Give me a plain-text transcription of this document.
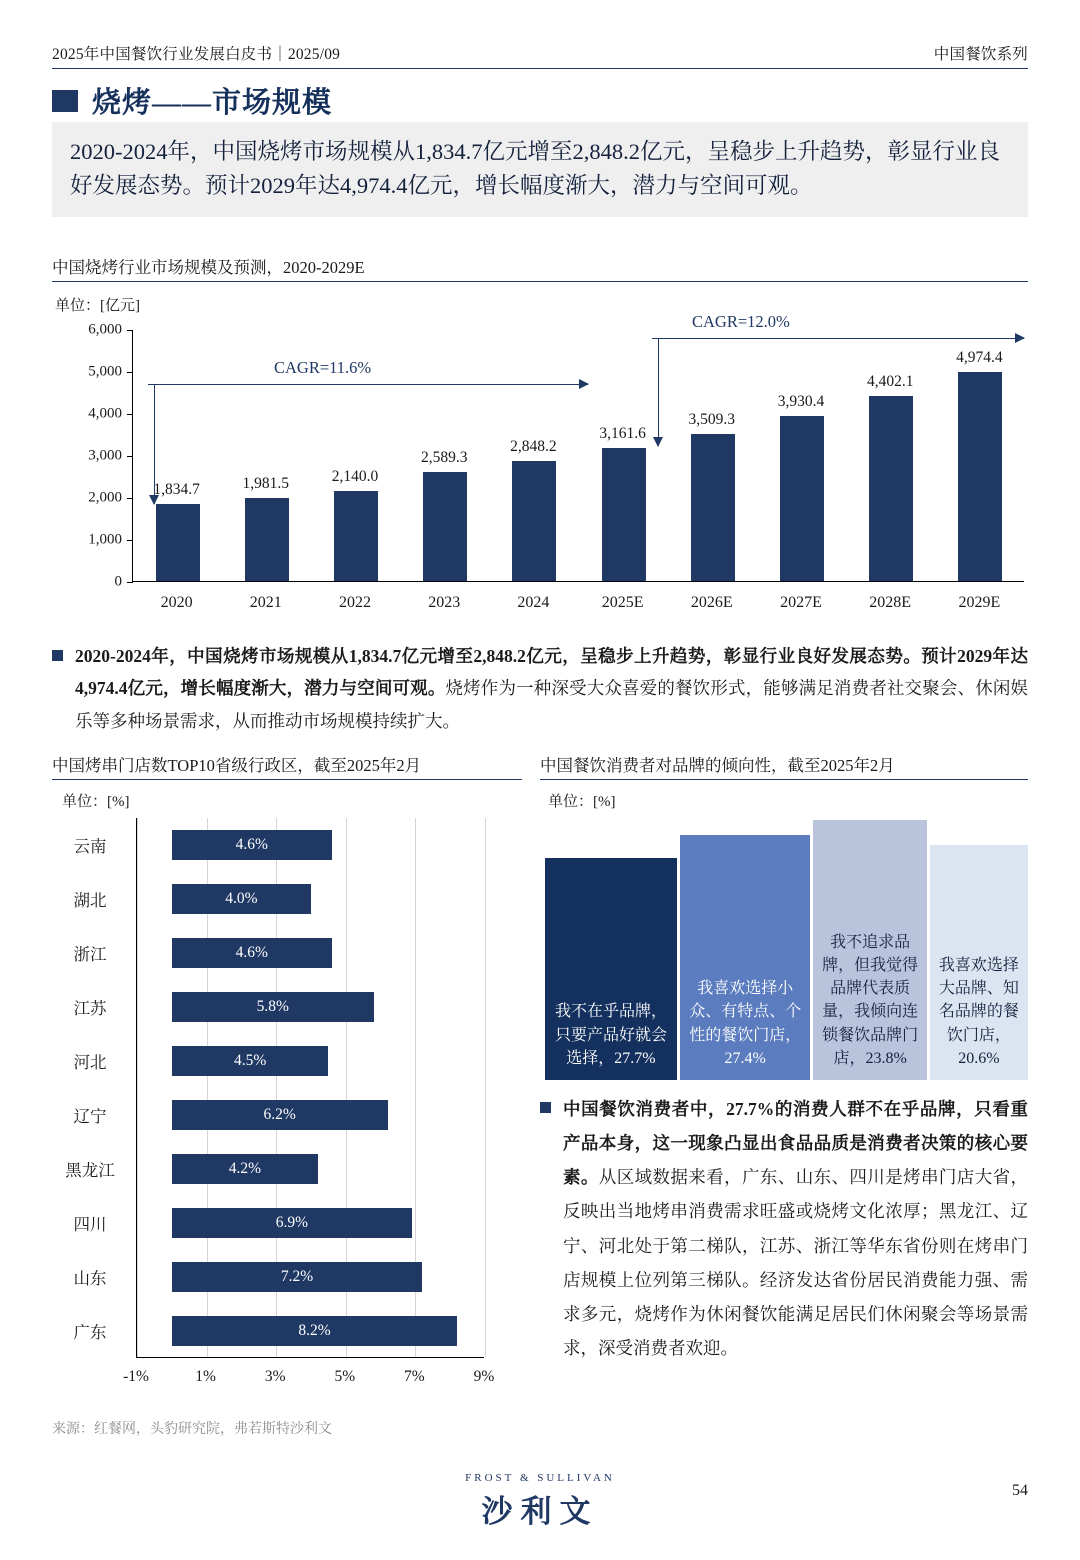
2025年中国餐饮行业发展白皮书｜2025/09	中国餐饮系列
烧烤——市场规模
2020-2024年，中国烧烤市场规模从1,834.7亿元增至2,848.2亿元，呈稳步上升趋势，彰显行业良好发展态势。预计2029年达4,974.4亿元，增长幅度渐大，潜力与空间可观。
中国烧烤行业市场规模及预测，2020-2029E
单位：[亿元]
0
1,000
2,000
3,000
4,000
5,000
6,000
1,834.7
2020
1,981.5
2021
2,140.0
2022
2,589.3
2023
2,848.2
2024
3,161.6
2025E
3,509.3
2026E
3,930.4
2027E
4,402.1
2028E
4,974.4
2029E
CAGR=11.6%
CAGR=12.0%
2020-2024年，中国烧烤市场规模从1,834.7亿元增至2,848.2亿元，呈稳步上升趋势，彰显行业良好发展态势。预计2029年达4,974.4亿元，增长幅度渐大，潜力与空间可观。烧烤作为一种深受大众喜爱的餐饮形式，能够满足消费者社交聚会、休闲娱乐等多种场景需求，从而推动市场规模持续扩大。
中国烤串门店数TOP10省级行政区，截至2025年2月
单位：[%]
4.6%
云南
4.0%
湖北
4.6%
浙江
5.8%
江苏
4.5%
河北
6.2%
辽宁
4.2%
黑龙江
6.9%
四川
7.2%
山东
8.2%
广东
-1%	1%	3%	5%	7%	9%
中国餐饮消费者对品牌的倾向性，截至2025年2月
单位：[%]
我不在乎品牌，只要产品好就会选择，27.7%
我喜欢选择小众、有特点、个性的餐饮门店，27.4%
我不追求品牌，但我觉得品牌代表质量，我倾向连锁餐饮品牌门店，23.8%
我喜欢选择大品牌、知名品牌的餐饮门店，20.6%
中国餐饮消费者中，27.7%的消费人群不在乎品牌，只看重产品本身，这一现象凸显出食品品质是消费者决策的核心要素。从区域数据来看，广东、山东、四川是烤串门店大省，反映出当地烤串消费需求旺盛或烧烤文化浓厚；黑龙江、辽宁、河北处于第二梯队，江苏、浙江等华东省份则在烤串门店规模上位列第三梯队。经济发达省份居民消费能力强、需求多元，烧烤作为休闲餐饮能满足居民们休闲聚会等场景需求，深受消费者欢迎。
来源：红餐网，头豹研究院，弗若斯特沙利文
FROST & SULLIVAN
沙利文
54
